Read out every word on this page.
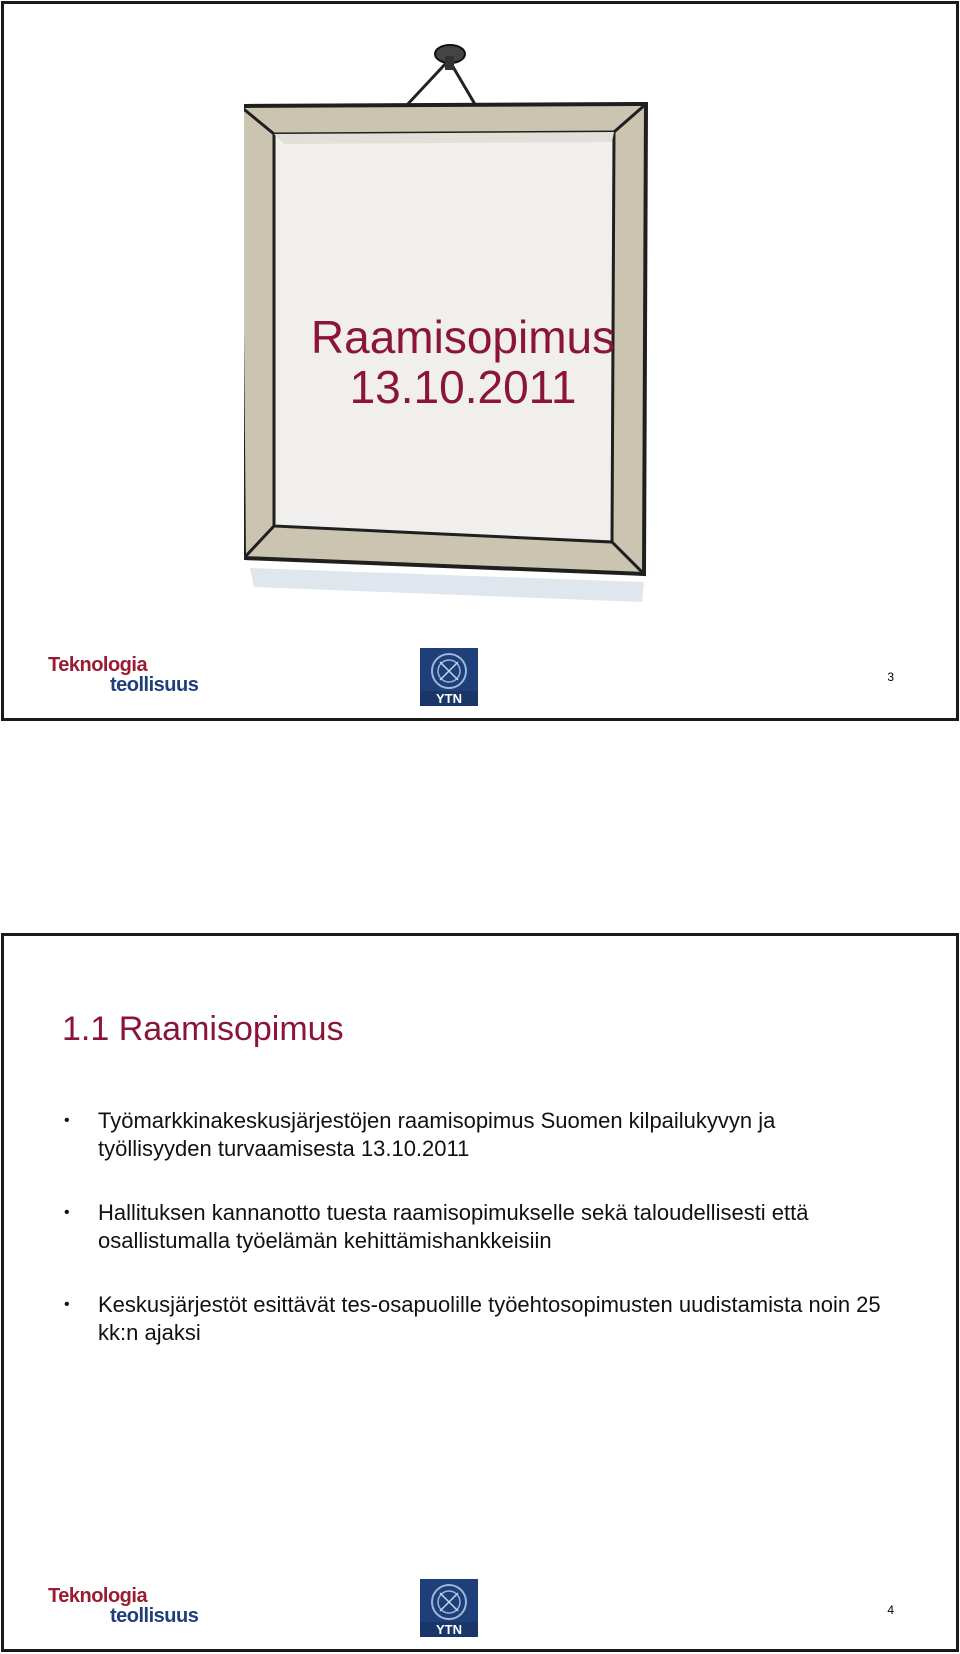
Raamisopimus
13.10.2011
Teknologia
teollisuus
YTN
3
1.1 Raamisopimus
• Työmarkkinakeskusjärjestöjen raamisopimus Suomen kilpailukyvyn ja työllisyyden turvaamisesta 13.10.2011
• Hallituksen kannanotto tuesta raamisopimukselle sekä taloudellisesti että osallistumalla työelämän kehittämishankkeisiin
• Keskusjärjestöt esittävät tes-osapuolille työehtosopimusten uudistamista noin 25 kk:n ajaksi
Teknologia
teollisuus
YTN
4
